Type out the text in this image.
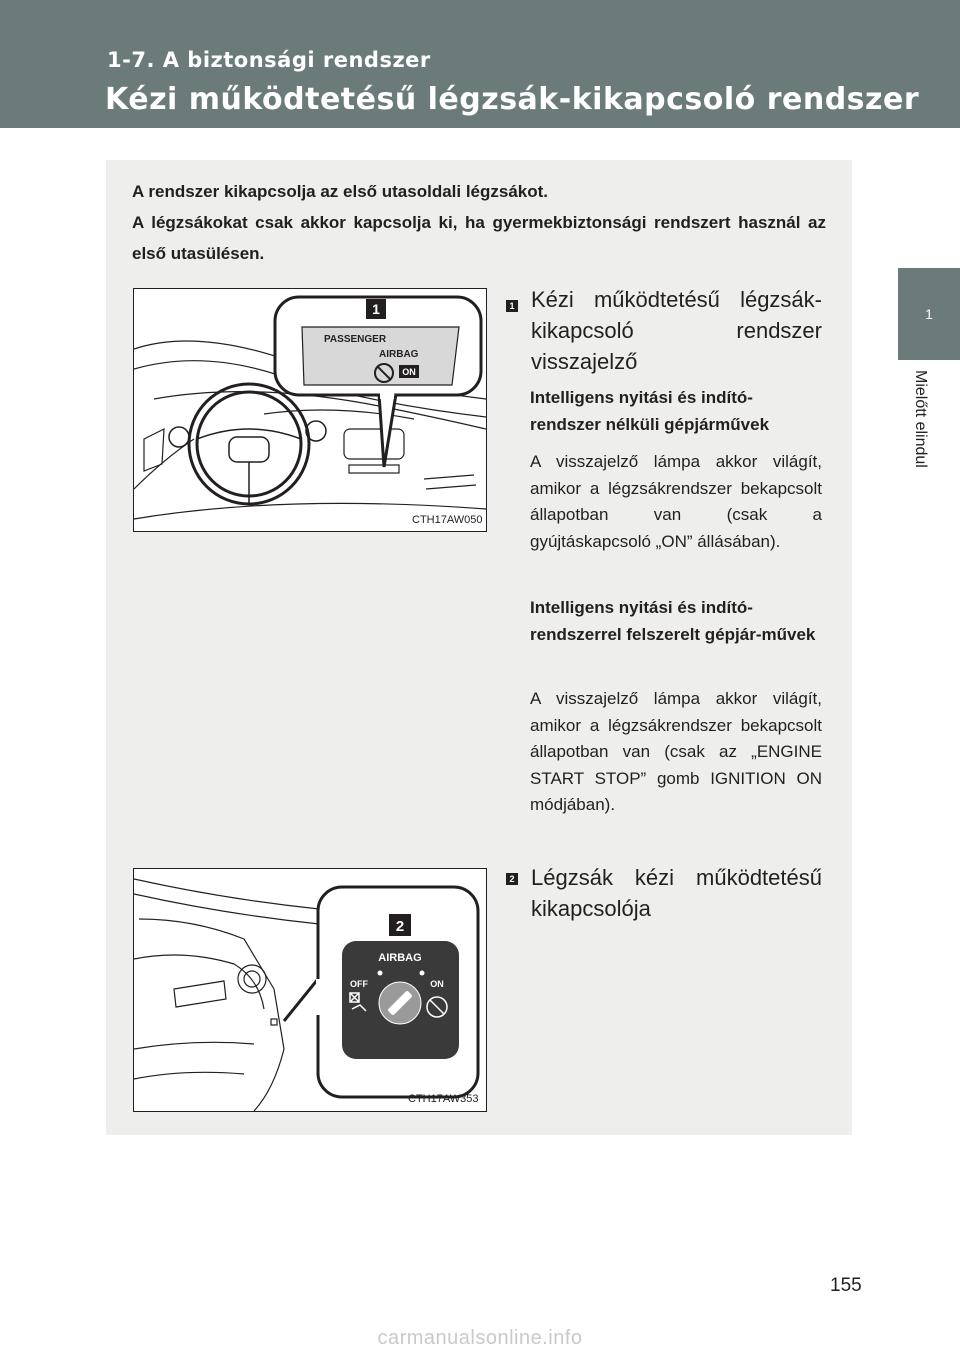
1-7. A biztonsági rendszer
Kézi működtetésű légzsák-kikapcsoló rendszer
1
Mielőtt elindul

A rendszer kikapcsolja az első utasoldali légzsákot.

A légzsákokat csak akkor kapcsolja ki, ha gyermekbiztonsági rendszert használ az első utasülésen.

1
PASSENGER
AIRBAG
ON
CTH17AW050
2
AIRBAG
OFF	ON
CTH17AW353
1 Kézi működtetésű légzsák-kikapcsoló rendszer visszajelző
Intelligens nyitási és indító-rendszer nélküli gépjárművek
A visszajelző lámpa akkor világít, amikor a légzsákrendszer bekapcsolt állapotban van (csak a gyújtáskapcsoló „ON” állásában).
Intelligens nyitási és indító-rendszerrel felszerelt gépjár-művek
A visszajelző lámpa akkor világít, amikor a légzsákrendszer bekapcsolt állapotban van (csak az „ENGINE START STOP” gomb IGNITION ON módjában).
2 Légzsák kézi működtetésű kikapcsolója
155
carmanualsonline.info
